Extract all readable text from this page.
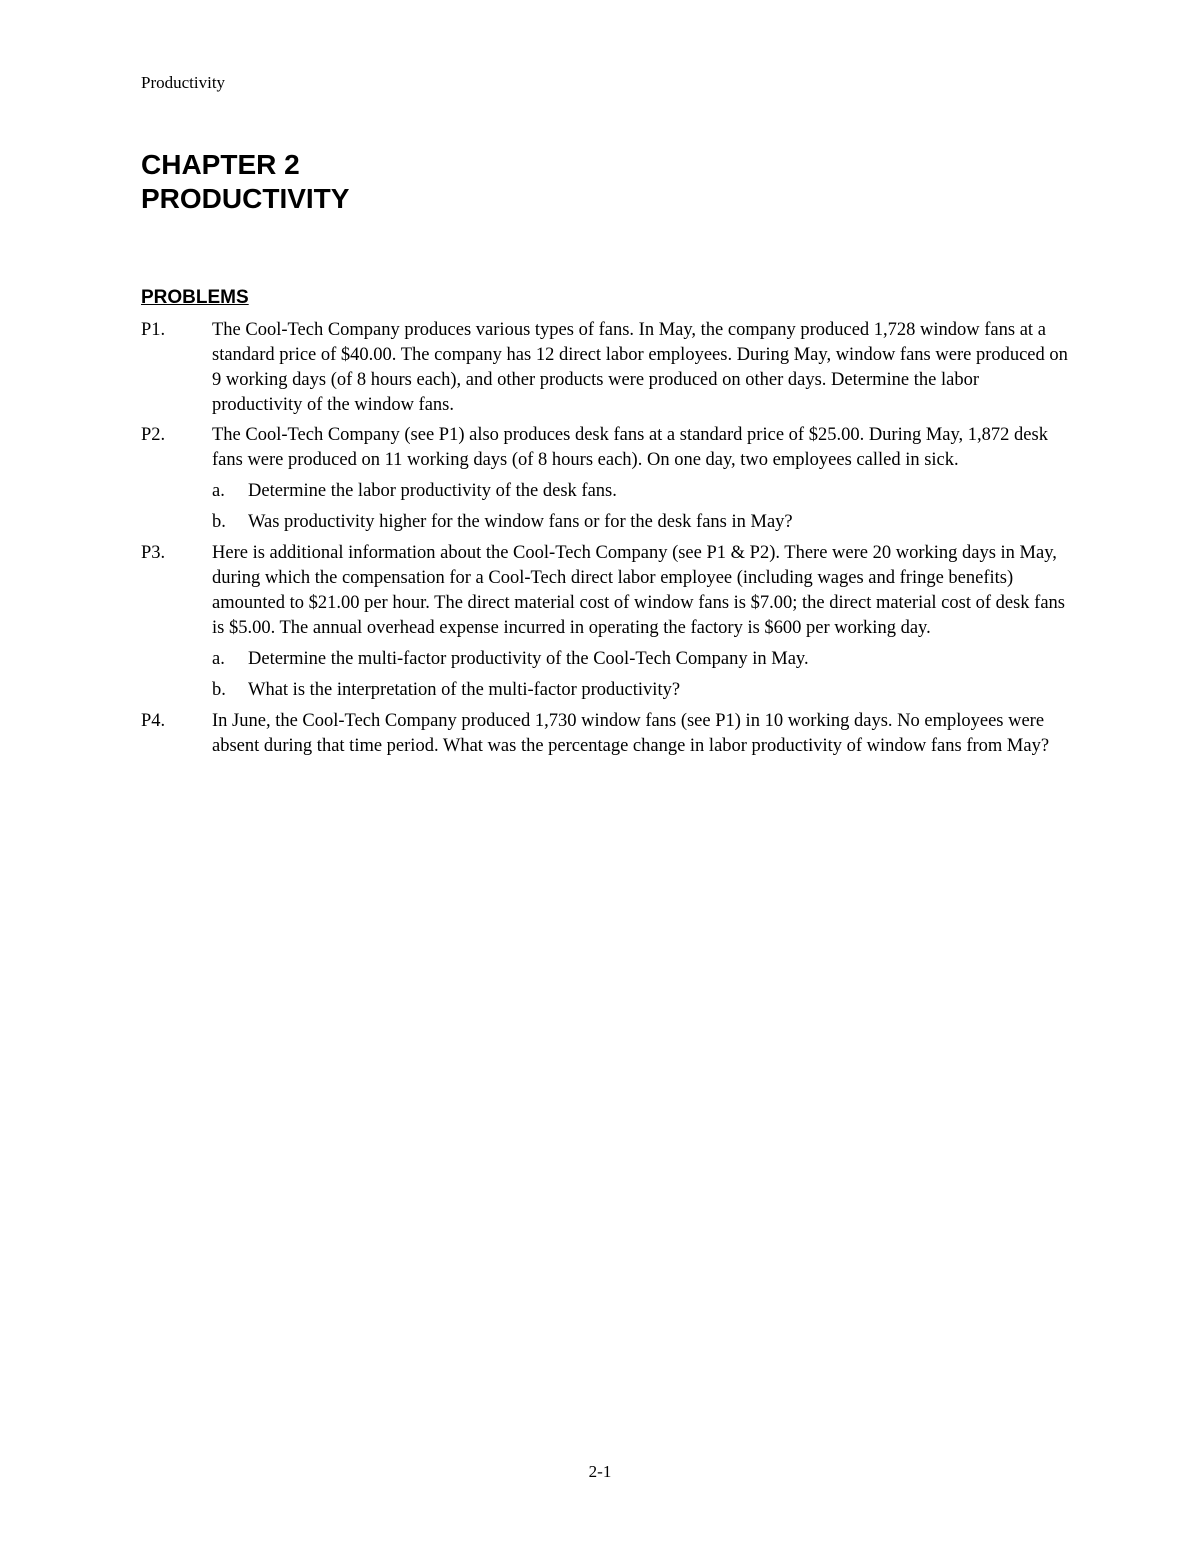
Productivity
CHAPTER 2
PRODUCTIVITY
PROBLEMS
P1.	The Cool-Tech Company produces various types of fans. In May, the company produced 1,728 window fans at a standard price of $40.00. The company has 12 direct labor employees. During May, window fans were produced on 9 working days (of 8 hours each), and other products were produced on other days. Determine the labor productivity of the window fans.
P2.	The Cool-Tech Company (see P1) also produces desk fans at a standard price of $25.00. During May, 1,872 desk fans were produced on 11 working days (of 8 hours each). On one day, two employees called in sick.
a. Determine the labor productivity of the desk fans.
b. Was productivity higher for the window fans or for the desk fans in May?
P3.	Here is additional information about the Cool-Tech Company (see P1 & P2). There were 20 working days in May, during which the compensation for a Cool-Tech direct labor employee (including wages and fringe benefits) amounted to $21.00 per hour. The direct material cost of window fans is $7.00; the direct material cost of desk fans is $5.00. The annual overhead expense incurred in operating the factory is $600 per working day.
a. Determine the multi-factor productivity of the Cool-Tech Company in May.
b. What is the interpretation of the multi-factor productivity?
P4.	In June, the Cool-Tech Company produced 1,730 window fans (see P1) in 10 working days. No employees were absent during that time period. What was the percentage change in labor productivity of window fans from May?
2-1
